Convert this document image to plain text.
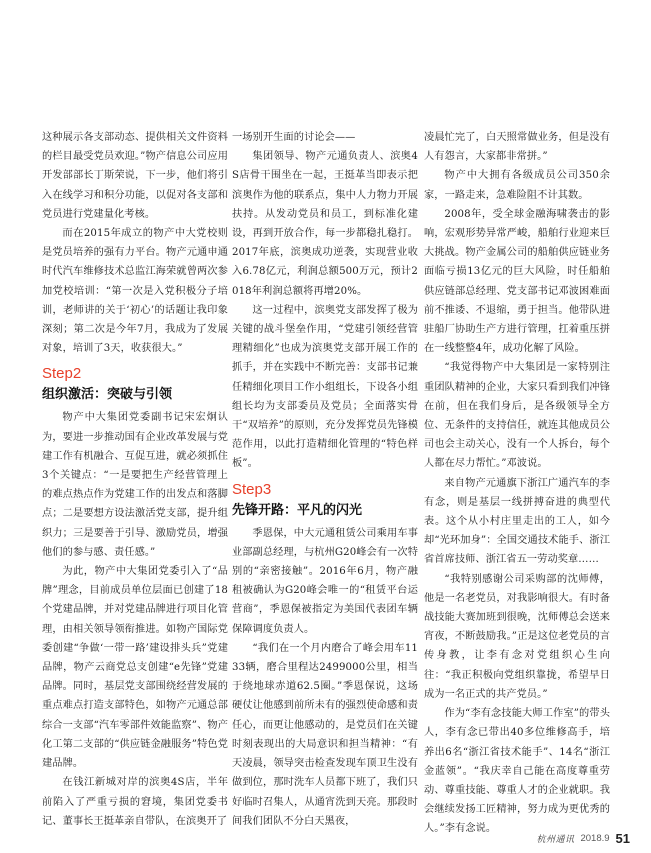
这种展示各支部动态、提供相关文件资料的栏目最受党员欢迎。”物产信息公司应用开发部部长丁斯荣说，下一步，他们将引入在线学习和积分功能，以促对各支部和党员进行党建量化考核。

而在2015年成立的物产中大党校则是党员培养的强有力平台。物产元通申通时代汽车维修技术总监江海荣就曾两次参加党校培训：“第一次是入党积极分子培训，老师讲的关于‘初心’的话题让我印象深刻；第二次是今年7月，我成为了发展对象，培训了3天，收获很大。”

Step2
组织激活：突破与引领

物产中大集团党委副书记宋宏炯认为，要进一步推动国有企业改革发展与党建工作有机融合、互促互进，就必须抓住3个关键点：“一是要把生产经营管理上的难点热点作为党建工作的出发点和落脚点；二是要想方设法激活党支部，提升组织力；三是要善于引导、激励党员，增强他们的参与感、责任感。”

为此，物产中大集团党委引入了“品牌”理念，目前成员单位层面已创建了18个党建品牌，并对党建品牌进行项目化管理，由相关领导领衔推进。如物产国际党委创建“争做‘一带一路’建设排头兵”党建品牌，物产云商党总支创建“e先锋”党建品牌。同时，基层党支部围绕经营发展的重点难点打造支部特色，如物产元通总部综合一支部“汽车零部件效能监察”、物产化工第二支部的“供应链金融服务”特色党建品牌。

在钱江新城对岸的滨奥4S店，半年前陷入了严重亏损的窘境，集团党委书记、董事长王挺革亲自带队，在滨奥开了

一场别开生面的讨论会——

集团领导、物产元通负责人、滨奥4S店骨干围坐在一起，王挺革当即表示把滨奥作为他的联系点，集中人力物力开展扶持。从发动党员和员工，到标准化建设，再到开放合作，每一步都稳扎稳打。2017年底，滨奥成功逆袭，实现营业收入6.78亿元，利润总额500万元，预计2018年利润总额将再增20%。

这一过程中，滨奥党支部发挥了极为关键的战斗堡垒作用，“党建引领经营管理精细化”也成为滨奥党支部开展工作的抓手，并在实践中不断完善：支部书记兼任精细化项目工作小组组长，下设各小组组长均为支部委员及党员；全面落实骨干“双培养”的原则，充分发挥党员先锋模范作用，以此打造精细化管理的“特色样板”。

Step3
先锋开路：平凡的闪光

季恩保，中大元通租赁公司乘用车事业部副总经理，与杭州G20峰会有一次特别的“亲密接触”。2016年6月，物产融租被确认为G20峰会唯一的“租赁平台运营商”，季恩保被指定为美国代表团车辆保障调度负责人。

“我们在一个月内磨合了峰会用车1133辆，磨合里程达2499000公里，相当于绕地球赤道62.5圈。”季恩保说，这场硬仗让他感到前所未有的强烈使命感和责任心，而更让他感动的，是党员们在关键时刻表现出的大局意识和担当精神：“有天凌晨，领导突击检查发现车顶卫生没有做到位，那时洗车人员都下班了，我们只好临时召集人，从通宵洗到天亮。那段时间我们团队不分白天黑夜，

凌晨忙完了，白天照常做业务，但是没有人有怨言，大家都非常拼。”

物产中大拥有各级成员公司350余家，一路走来，急难险阻不计其数。

2008年，受全球金融海啸袭击的影响，宏观形势异常严峻，船舶行业迎来巨大挑战。物产金属公司的船舶供应链业务面临亏损13亿元的巨大风险，时任船舶供应链部总经理、党支部书记邓波困难面前不推诿、不退缩，勇于担当。他带队进驻船厂协助生产方进行管理，扛着重压拼在一线整整4年，成功化解了风险。

“我觉得物产中大集团是一家特别注重团队精神的企业，大家只看到我们冲锋在前，但在我们身后，是各级领导全方位、无条件的支持信任，就连其他成员公司也会主动关心，没有一个人拆台，每个人都在尽力帮忙。”邓波说。

来自物产元通旗下浙江广通汽车的李有念，则是基层一线拼搏奋进的典型代表。这个从小村庄里走出的工人，如今却“光环加身”：全国交通技术能手、浙江省首席技师、浙江省五一劳动奖章……

“我特别感谢公司采购部的沈师傅，他是一名老党员，对我影响很大。有时备战技能大赛加班到很晚，沈师傅总会送来宵夜，不断鼓励我。”正是这位老党员的言传身教，让李有念对党组织心生向往：“我正积极向党组织靠拢，希望早日成为一名正式的共产党员。”

作为“李有念技能大师工作室”的带头人，李有念已带出40多位维修高手，培养出6名“浙江省技术能手”、14名“浙江金蓝领”。“我庆幸自己能在高度尊重劳动、尊重技能、尊重人才的企业就职。我会继续发扬工匠精神，努力成为更优秀的人。”李有念说。

杭州通讯 2018.9 51
